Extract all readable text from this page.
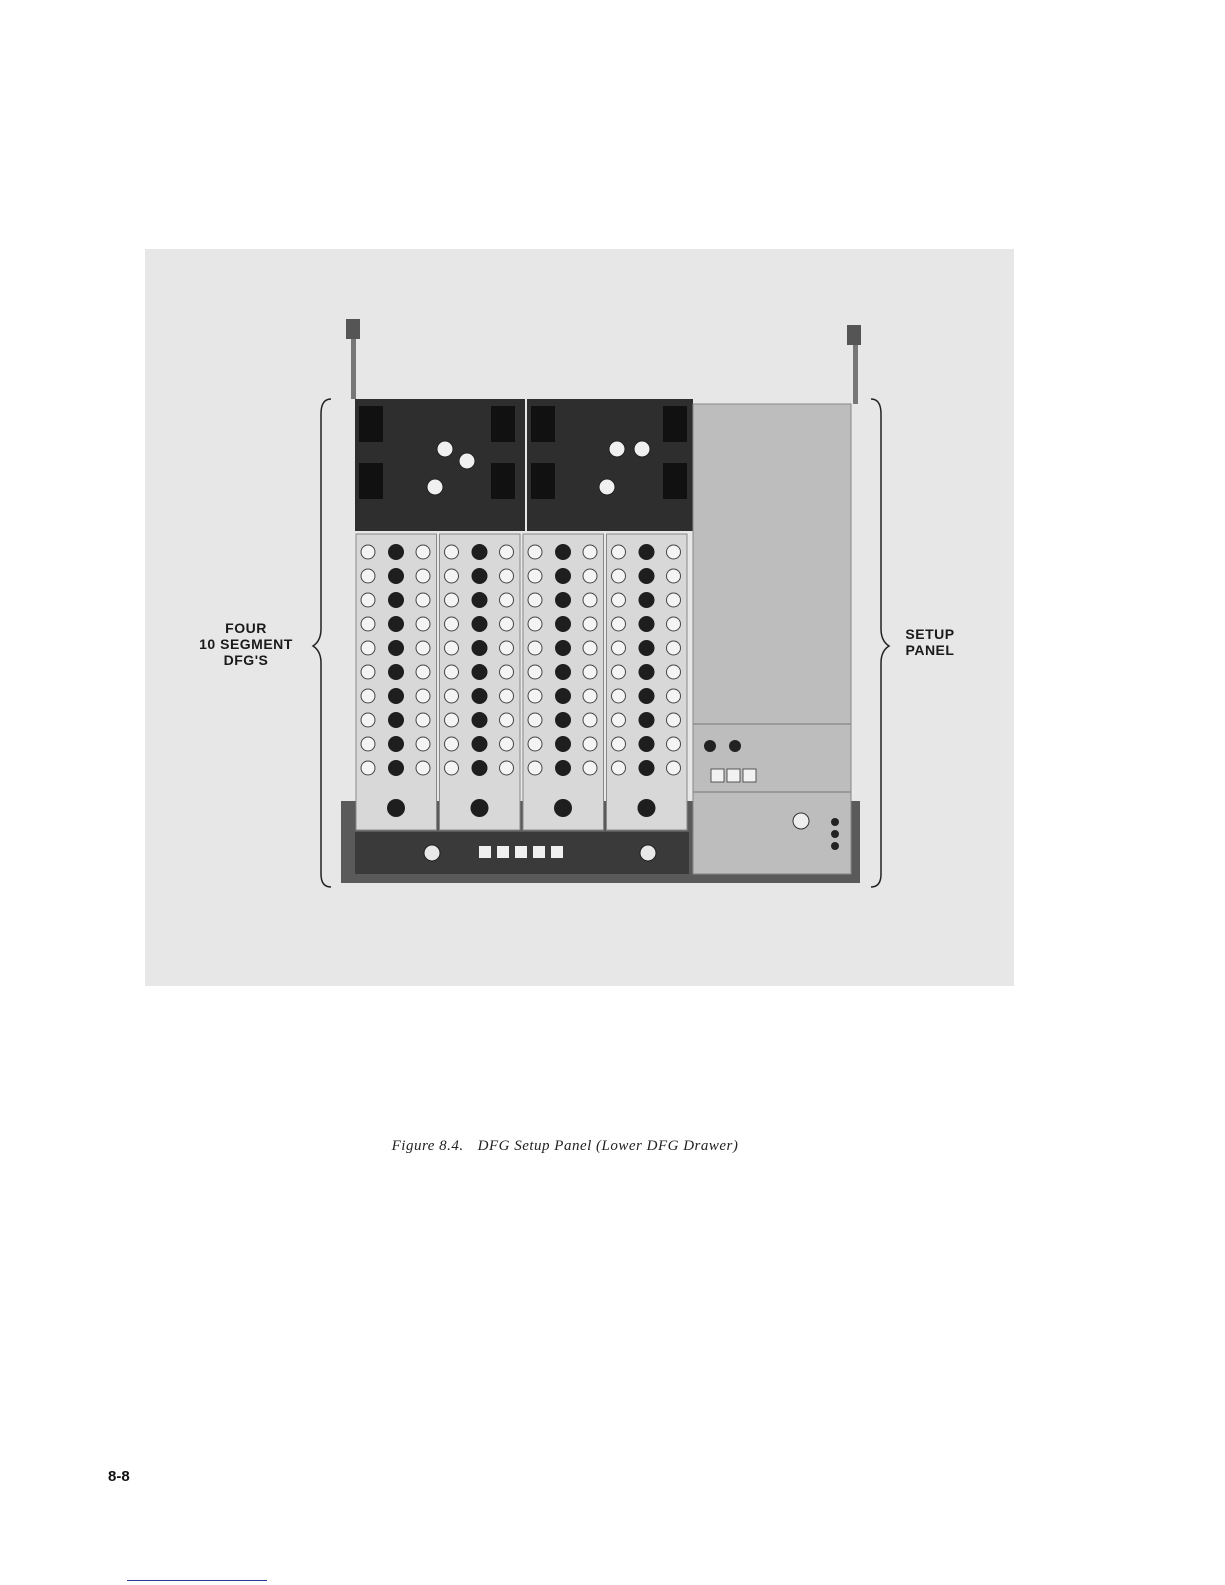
FOUR
10 SEGMENT
DFG'S
SETUP
PANEL
Figure 8.4. DFG Setup Panel (Lower DFG Drawer)
8-8
